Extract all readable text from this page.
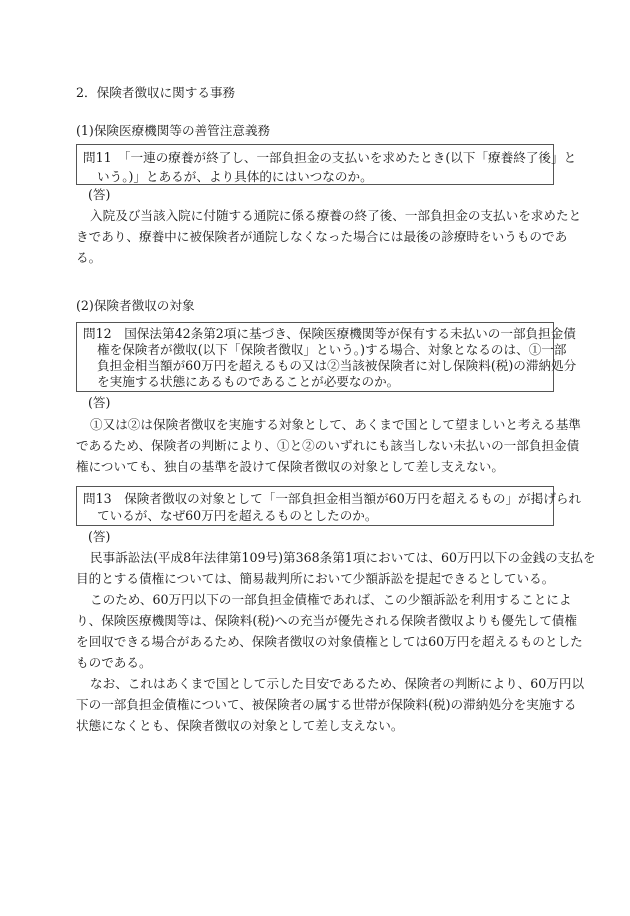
2．保険者徴収に関する事務
(1)保険医療機関等の善管注意義務
問11　「一連の療養が終了し、一部負担金の支払いを求めたとき(以下「療養終了後」と
いう。)」とあるが、より具体的にはいつなのか。
(答)
入院及び当該入院に付随する通院に係る療養の終了後、一部負担金の支払いを求めたと
きであり、療養中に被保険者が通院しなくなった場合には最後の診療時をいうものであ
る。
(2)保険者徴収の対象
問12　国保法第42条第2項に基づき、保険医療機関等が保有する未払いの一部負担金債
権を保険者が徴収(以下「保険者徴収」という。)する場合、対象となるのは、①一部
負担金相当額が60万円を超えるもの又は②当該被保険者に対し保険料(税)の滞納処分
を実施する状態にあるものであることが必要なのか。
(答)
①又は②は保険者徴収を実施する対象として、あくまで国として望ましいと考える基準
であるため、保険者の判断により、①と②のいずれにも該当しない未払いの一部負担金債
権についても、独自の基準を設けて保険者徴収の対象として差し支えない。
問13　保険者徴収の対象として「一部負担金相当額が60万円を超えるもの」が掲げられ
ているが、なぜ60万円を超えるものとしたのか。
(答)
民事訴訟法(平成8年法律第109号)第368条第1項においては、60万円以下の金銭の支払を
目的とする債権については、簡易裁判所において少額訴訟を提起できるとしている。
このため、60万円以下の一部負担金債権であれば、この少額訴訟を利用することによ
り、保険医療機関等は、保険料(税)への充当が優先される保険者徴収よりも優先して債権
を回収できる場合があるため、保険者徴収の対象債権としては60万円を超えるものとした
ものである。
なお、これはあくまで国として示した目安であるため、保険者の判断により、60万円以
下の一部負担金債権について、被保険者の属する世帯が保険料(税)の滞納処分を実施する
状態になくとも、保険者徴収の対象として差し支えない。
